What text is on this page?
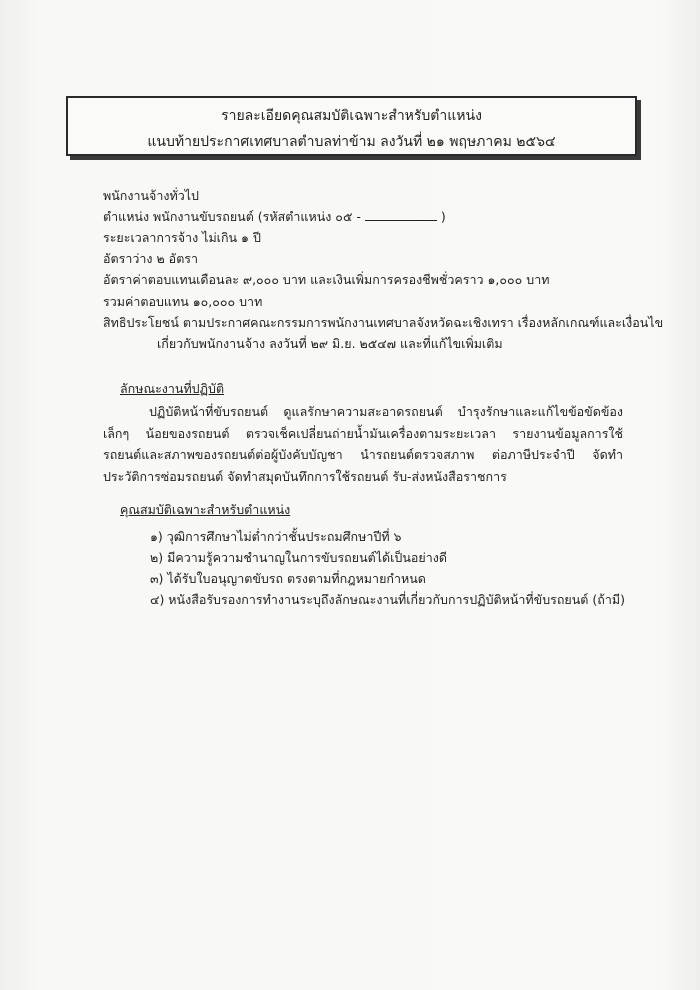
รายละเอียดคุณสมบัติเฉพาะสำหรับตำแหน่ง
แนบท้ายประกาศเทศบาลตำบลท่าข้าม ลงวันที่ ๒๑ พฤษภาคม ๒๕๖๔
พนักงานจ้างทั่วไป
ตำแหน่ง พนักงานขับรถยนต์ (รหัสตำแหน่ง ๐๕ -	)
ระยะเวลาการจ้าง ไม่เกิน ๑ ปี
อัตราว่าง ๒ อัตรา
อัตราค่าตอบแทนเดือนละ ๙,๐๐๐ บาท และเงินเพิ่มการครองชีพชั่วคราว ๑,๐๐๐ บาท
รวมค่าตอบแทน ๑๐,๐๐๐ บาท
สิทธิประโยชน์ ตามประกาศคณะกรรมการพนักงานเทศบาลจังหวัดฉะเชิงเทรา เรื่องหลักเกณฑ์และเงื่อนไข
เกี่ยวกับพนักงานจ้าง ลงวันที่ ๒๙ มิ.ย. ๒๕๔๗ และที่แก้ไขเพิ่มเติม
ลักษณะงานที่ปฏิบัติ
ปฏิบัติหน้าที่ขับรถยนต์ ดูแลรักษาความสะอาดรถยนต์ บำรุงรักษาและแก้ไขข้อขัดข้องเล็กๆ น้อยของรถยนต์ ตรวจเช็คเปลี่ยนถ่ายน้ำมันเครื่องตามระยะเวลา รายงานข้อมูลการใช้รถยนต์และสภาพของรถยนต์ต่อผู้บังคับบัญชา นำรถยนต์ตรวจสภาพ ต่อภาษีประจำปี จัดทำประวัติการซ่อมรถยนต์ จัดทำสมุดบันทึกการใช้รถยนต์ รับ-ส่งหนังสือราชการ
คุณสมบัติเฉพาะสำหรับตำแหน่ง
๑) วุฒิการศึกษาไม่ต่ำกว่าชั้นประถมศึกษาปีที่ ๖
๒) มีความรู้ความชำนาญในการขับรถยนต์ได้เป็นอย่างดี
๓) ได้รับใบอนุญาตขับรถ ตรงตามที่กฎหมายกำหนด
๔) หนังสือรับรองการทำงานระบุถึงลักษณะงานที่เกี่ยวกับการปฏิบัติหน้าที่ขับรถยนต์ (ถ้ามี)
